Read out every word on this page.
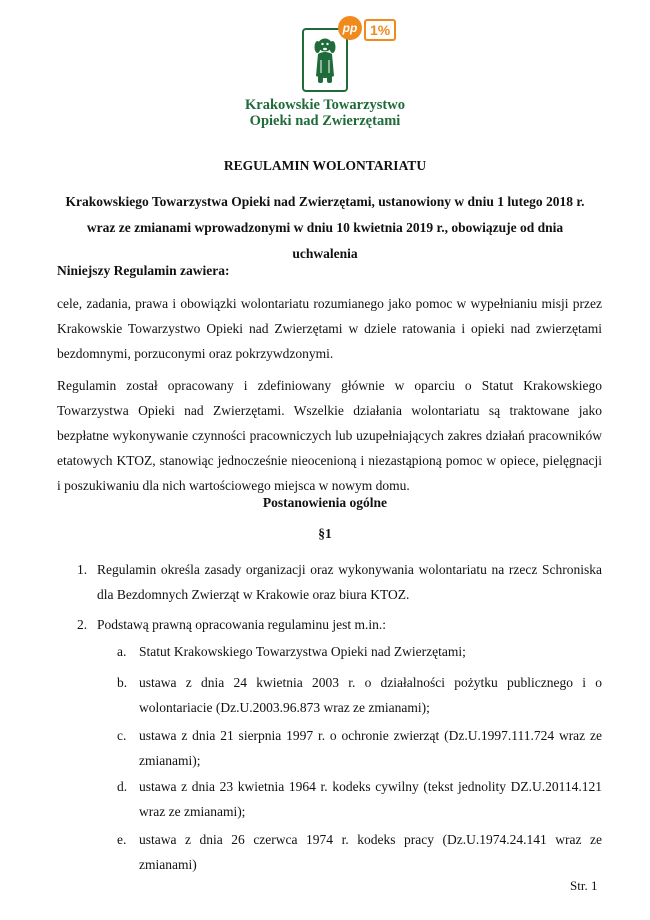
pp 1%
Krakowskie Towarzystwo
Opieki nad Zwierzętami
REGULAMIN WOLONTARIATU
Krakowskiego Towarzystwa Opieki nad Zwierzętami, ustanowiony w dniu 1 lutego 2018 r. wraz ze zmianami wprowadzonymi w dniu 10 kwietnia 2019 r., obowiązuje od dnia uchwalenia
Niniejszy Regulamin zawiera:
cele, zadania, prawa i obowiązki wolontariatu rozumianego jako pomoc w wypełnianiu misji przez Krakowskie Towarzystwo Opieki nad Zwierzętami w dziele ratowania i opieki nad zwierzętami bezdomnymi, porzuconymi oraz pokrzywdzonymi.
Regulamin został opracowany i zdefiniowany głównie w oparciu o Statut Krakowskiego Towarzystwa Opieki nad Zwierzętami. Wszelkie działania wolontariatu są traktowane jako bezpłatne wykonywanie czynności pracowniczych lub uzupełniających zakres działań pracowników etatowych KTOZ, stanowiąc jednocześnie nieocenioną i niezastąpioną pomoc w opiece, pielęgnacji i poszukiwaniu dla nich wartościowego miejsca w nowym domu.
Postanowienia ogólne
§1
1. Regulamin określa zasady organizacji oraz wykonywania wolontariatu na rzecz Schroniska dla Bezdomnych Zwierząt w Krakowie oraz biura KTOZ.
2. Podstawą prawną opracowania regulaminu jest m.in.:
a. Statut Krakowskiego Towarzystwa Opieki nad Zwierzętami;
b. ustawa z dnia 24 kwietnia 2003 r. o działalności pożytku publicznego i o wolontariacie (Dz.U.2003.96.873 wraz ze zmianami);
c. ustawa z dnia 21 sierpnia 1997 r. o ochronie zwierząt (Dz.U.1997.111.724 wraz ze zmianami);
d. ustawa z dnia 23 kwietnia 1964 r. kodeks cywilny (tekst jednolity DZ.U.20114.121 wraz ze zmianami);
e. ustawa z dnia 26 czerwca 1974 r. kodeks pracy (Dz.U.1974.24.141 wraz ze zmianami)
Str. 1
